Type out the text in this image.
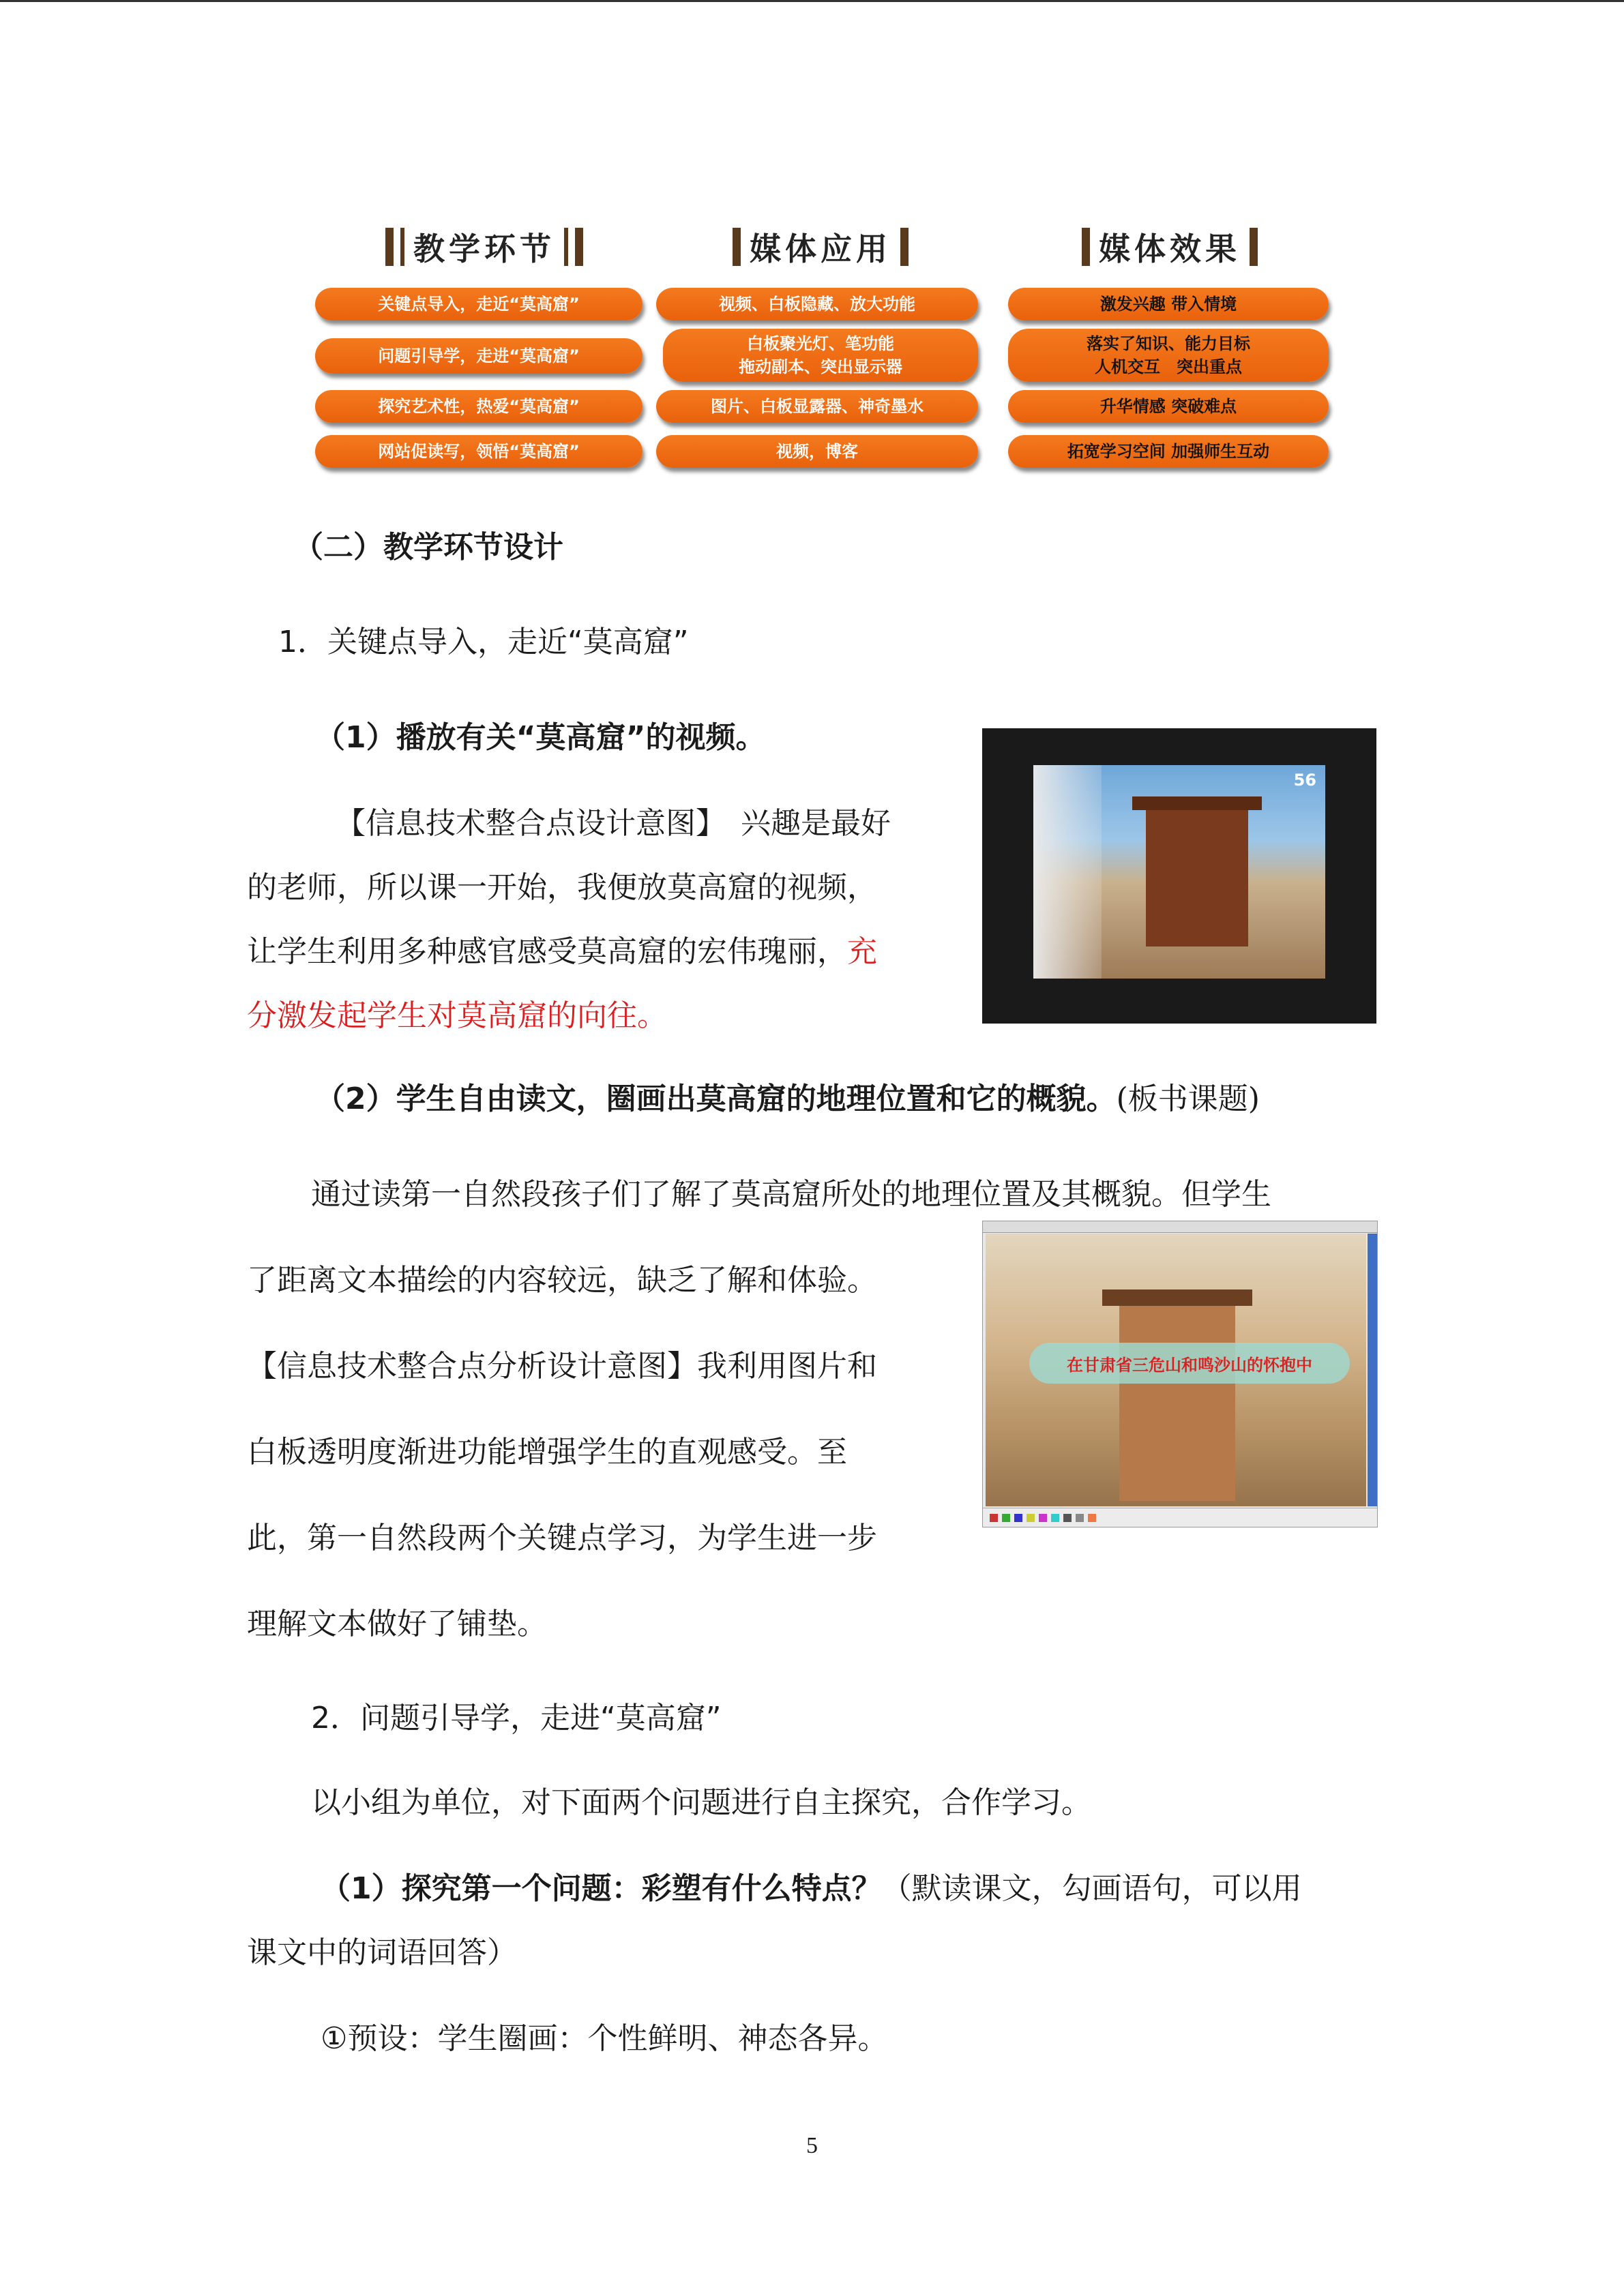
教学环节	媒体应用	媒体效果
关键点导入，走近“莫高窟”
问题引导学，走进“莫高窟”
探究艺术性，热爱“莫高窟”
网站促读写，领悟“莫高窟”
视频、白板隐藏、放大功能
白板聚光灯、笔功能
拖动副本、突出显示器
图片、白板显露器、神奇墨水
视频，博客
激发兴趣 带入情境
落实了知识、能力目标
人机交互　突出重点
升华情感 突破难点
拓宽学习空间 加强师生互动
（二）教学环节设计
1．关键点导入，走近“莫高窟”
（1）播放有关“莫高窟”的视频。
【信息技术整合点设计意图】　兴趣是最好
的老师，所以课一开始，我便放莫高窟的视频，
让学生利用多种感官感受莫高窟的宏伟瑰丽，充
分激发起学生对莫高窟的向往。
56
（2）学生自由读文，圈画出莫高窟的地理位置和它的概貌。(板书课题)
通过读第一自然段孩子们了解了莫高窟所处的地理位置及其概貌。但学生
了距离文本描绘的内容较远，缺乏了解和体验。
【信息技术整合点分析设计意图】我利用图片和
白板透明度渐进功能增强学生的直观感受。至
此，第一自然段两个关键点学习，为学生进一步
理解文本做好了铺垫。
在甘肃省三危山和鸣沙山的怀抱中
2．问题引导学，走进“莫高窟”
以小组为单位，对下面两个问题进行自主探究，合作学习。
（1）探究第一个问题：彩塑有什么特点？（默读课文，勾画语句，可以用
课文中的词语回答）
①预设：学生圈画：个性鲜明、神态各异。
5
